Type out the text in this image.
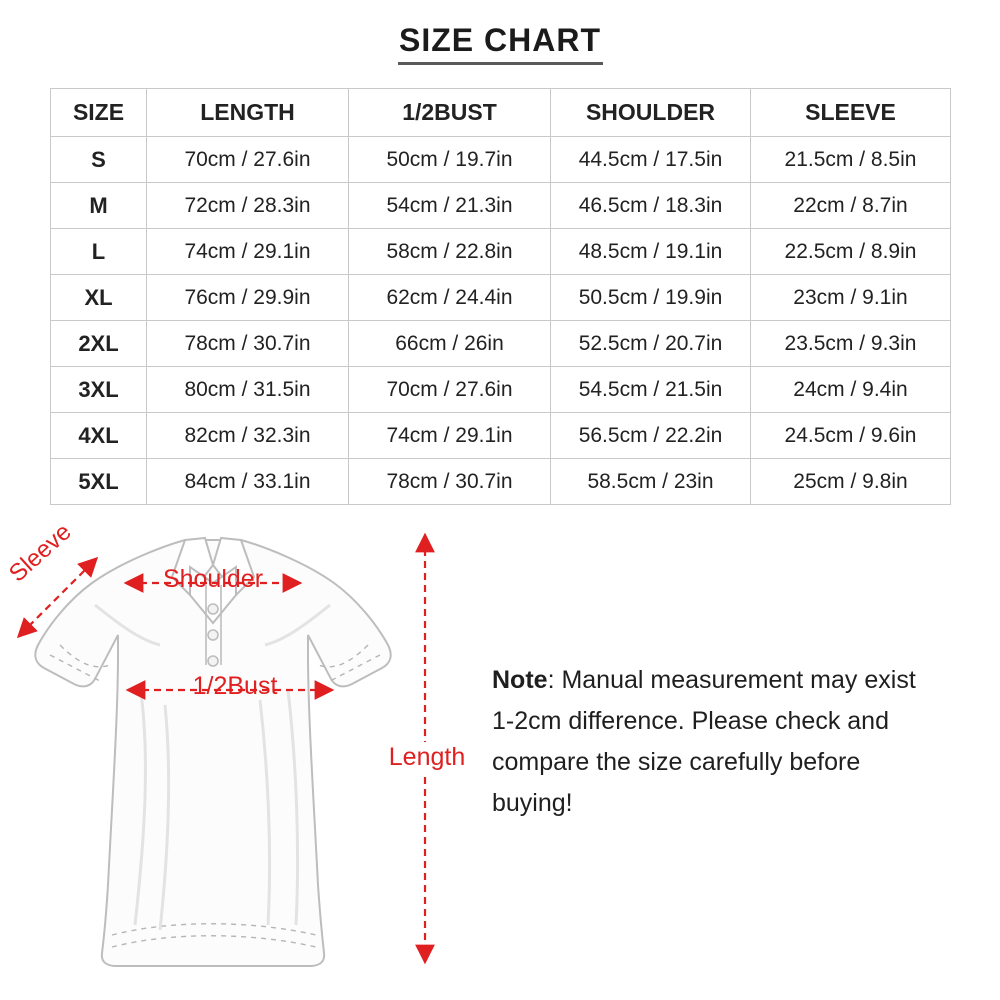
SIZE CHART
SIZE	LENGTH	1/2BUST	SHOULDER	SLEEVE
S	70cm / 27.6in	50cm / 19.7in	44.5cm / 17.5in	21.5cm / 8.5in
M	72cm / 28.3in	54cm / 21.3in	46.5cm / 18.3in	22cm / 8.7in
L	74cm / 29.1in	58cm / 22.8in	48.5cm / 19.1in	22.5cm / 8.9in
XL	76cm / 29.9in	62cm / 24.4in	50.5cm / 19.9in	23cm / 9.1in
2XL	78cm / 30.7in	66cm / 26in	52.5cm / 20.7in	23.5cm / 9.3in
3XL	80cm / 31.5in	70cm / 27.6in	54.5cm / 21.5in	24cm / 9.4in
4XL	82cm / 32.3in	74cm / 29.1in	56.5cm / 22.2in	24.5cm / 9.6in
5XL	84cm / 33.1in	78cm / 30.7in	58.5cm / 23in	25cm / 9.8in
Sleeve	Shoulder
1/2Bust
Length
Note: Manual measurement may exist 1-2cm difference. Please check and compare the size carefully before buying!
